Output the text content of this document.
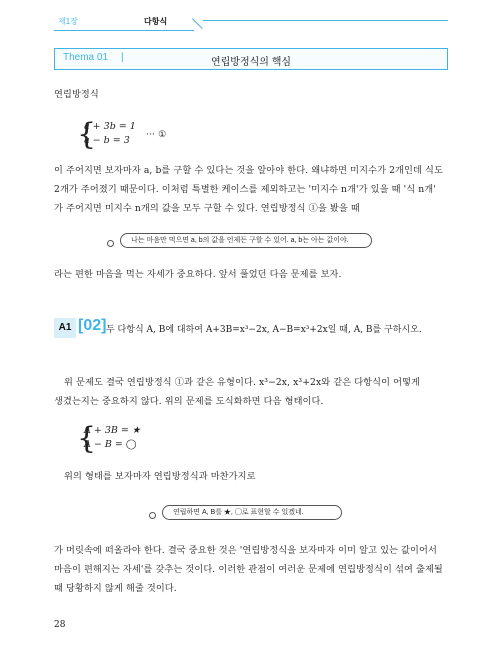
제1장	다항식
Thema 01 |	연립방정식의 핵심
연립방정식
{
a + 3b = 1
a − b = 3
··· ①
이 주어지면 보자마자 a, b를 구할 수 있다는 것을 알아야 한다. 왜냐하면 미지수가 2개인데 식도
2개가 주어졌기 때문이다. 이처럼 특별한 케이스를 제외하고는 '미지수 n개'가 있을 때 '식 n개'
가 주어지면 미지수 n개의 값을 모두 구할 수 있다. 연립방정식 ①을 봤을 때
나는 마음만 먹으면 a, b의 값을 언제든 구할 수 있어. a, b는 아는 값이야.
라는 편한 마음을 먹는 자세가 중요하다. 앞서 풀었던 다음 문제를 보자.
A1 [02] 두 다항식 A, B에 대하여 A+3B=x³−2x, A−B=x³+2x일 때, A, B를 구하시오.
위 문제도 결국 연립방정식 ①과 같은 유형이다. x³−2x, x³+2x와 같은 다항식이 어떻게
생겼는지는 중요하지 않다. 위의 문제를 도식화하면 다음 형태이다.
{
A + 3B = ★
A − B = ◯
위의 형태를 보자마자 연립방정식과 마찬가지로
연립하면 A, B를 ★, ◯로 표현할 수 있겠네.
가 머릿속에 떠올라야 한다. 결국 중요한 것은 '연립방정식을 보자마자 이미 알고 있는 값이어서
마음이 편해지는 자세'를 갖추는 것이다. 이러한 관점이 여러운 문제에 연립방정식이 섞여 출제될
때 당황하지 않게 해줄 것이다.
28
